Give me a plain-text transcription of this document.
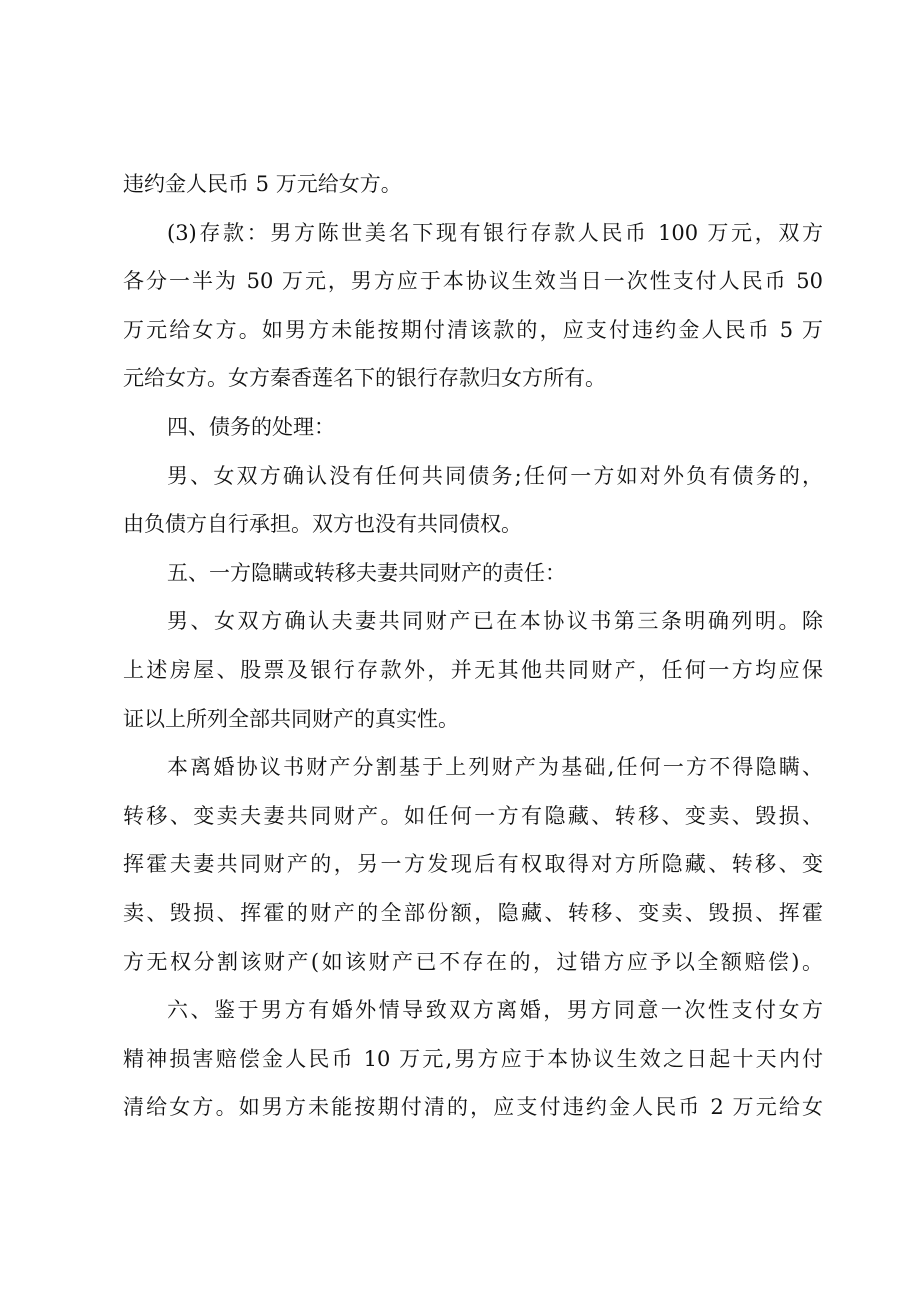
违约金人民币 5 万元给女方。
(3)存款：男方陈世美名下现有银行存款人民币 100 万元，双方
各分一半为 50 万元，男方应于本协议生效当日一次性支付人民币 50
万元给女方。如男方未能按期付清该款的，应支付违约金人民币 5 万
元给女方。女方秦香莲名下的银行存款归女方所有。
四、债务的处理：
男、女双方确认没有任何共同债务;任何一方如对外负有债务的，
由负债方自行承担。双方也没有共同债权。
五、一方隐瞒或转移夫妻共同财产的责任：
男、女双方确认夫妻共同财产已在本协议书第三条明确列明。除
上述房屋、股票及银行存款外，并无其他共同财产，任何一方均应保
证以上所列全部共同财产的真实性。
本离婚协议书财产分割基于上列财产为基础,任何一方不得隐瞒、
转移、变卖夫妻共同财产。如任何一方有隐藏、转移、变卖、毁损、
挥霍夫妻共同财产的，另一方发现后有权取得对方所隐藏、转移、变
卖、毁损、挥霍的财产的全部份额，隐藏、转移、变卖、毁损、挥霍
方无权分割该财产(如该财产已不存在的，过错方应予以全额赔偿)。
六、鉴于男方有婚外情导致双方离婚，男方同意一次性支付女方
精神损害赔偿金人民币 10 万元,男方应于本协议生效之日起十天内付
清给女方。如男方未能按期付清的，应支付违约金人民币 2 万元给女
